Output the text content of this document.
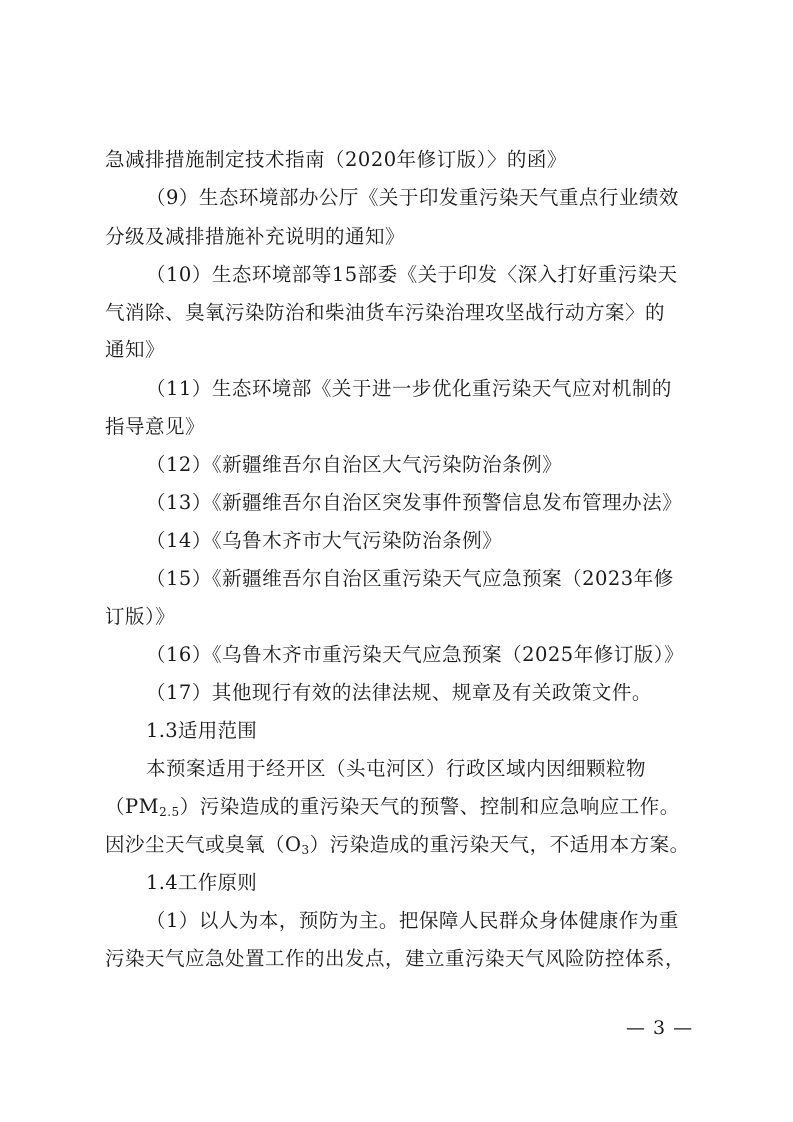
急减排措施制定技术指南（2020年修订版）〉的函》
（9）生态环境部办公厅《关于印发重污染天气重点行业绩效
分级及减排措施补充说明的通知》
（10）生态环境部等15部委《关于印发〈深入打好重污染天
气消除、臭氧污染防治和柴油货车污染治理攻坚战行动方案〉的
通知》
（11）生态环境部《关于进一步优化重污染天气应对机制的
指导意见》
（12）《新疆维吾尔自治区大气污染防治条例》
（13）《新疆维吾尔自治区突发事件预警信息发布管理办法》
（14）《乌鲁木齐市大气污染防治条例》
（15）《新疆维吾尔自治区重污染天气应急预案（2023年修
订版）》
（16）《乌鲁木齐市重污染天气应急预案（2025年修订版）》
（17）其他现行有效的法律法规、规章及有关政策文件。
1.3适用范围
本预案适用于经开区（头屯河区）行政区域内因细颗粒物
$(PM_{2.5})$污染造成的重污染天气的预警、控制和应急响应工作。
因沙尘天气或臭氧$(O_3)$污染造成的重污染天气，不适用本方案。
1.4工作原则
（1）以人为本，预防为主。把保障人民群众身体健康作为重
污染天气应急处置工作的出发点，建立重污染天气风险防控体系，
— 3 —
